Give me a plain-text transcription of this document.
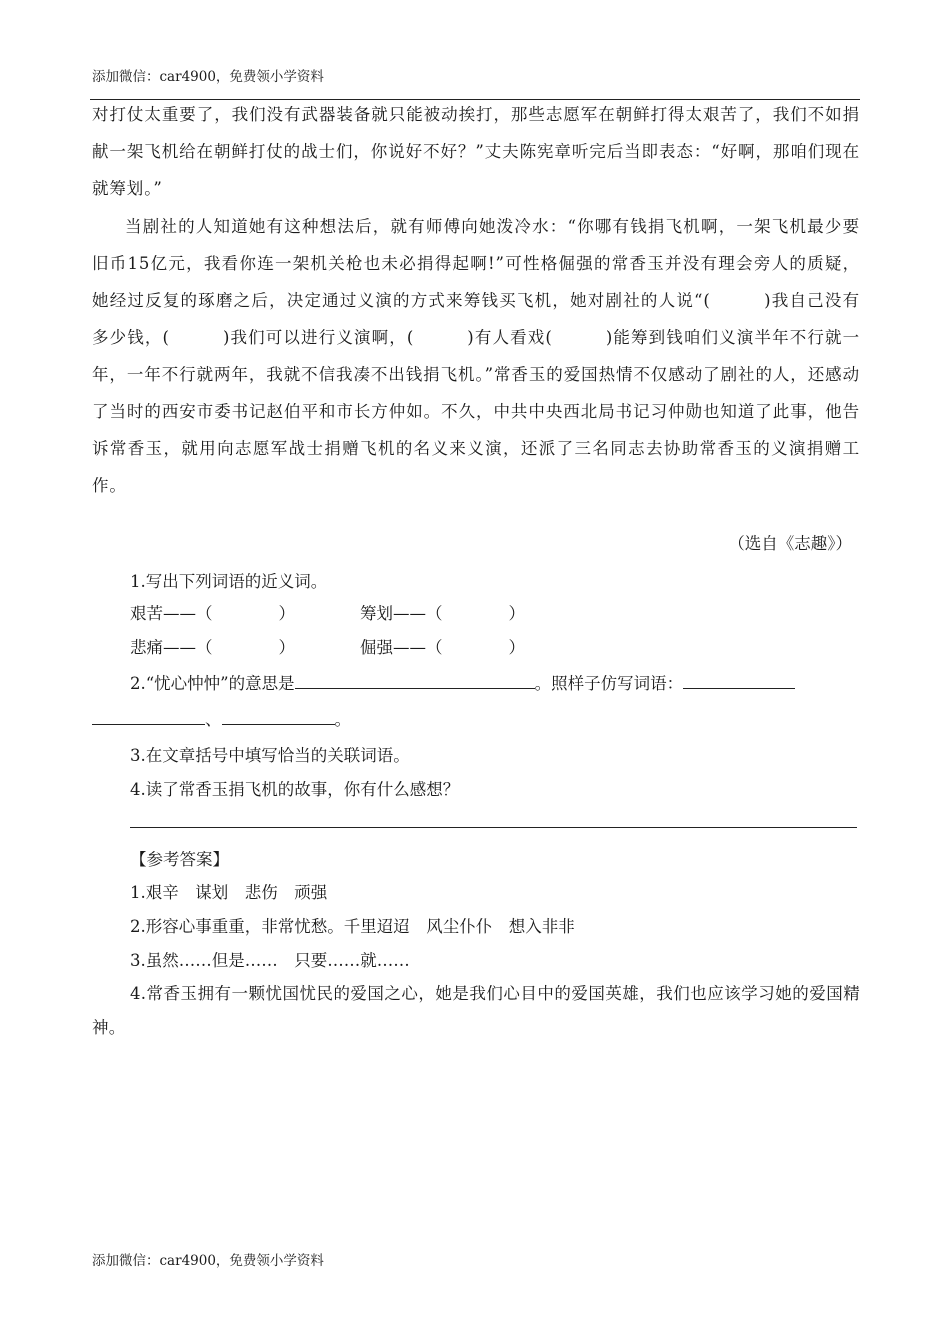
添加微信：car4900，免费领小学资料
对打仗太重要了，我们没有武器装备就只能被动挨打，那些志愿军在朝鲜打得太艰苦了，我们不如捐献一架飞机给在朝鲜打仗的战士们，你说好不好？”丈夫陈宪章听完后当即表态：“好啊，那咱们现在就筹划。”
当剧社的人知道她有这种想法后，就有师傅向她泼冷水：“你哪有钱捐飞机啊，一架飞机最少要旧币15亿元，我看你连一架机关枪也未必捐得起啊!”可性格倔强的常香玉并没有理会旁人的质疑，她经过反复的琢磨之后，决定通过义演的方式来筹钱买飞机，她对剧社的人说“(　　　)我自己没有多少钱，(　　　)我们可以进行义演啊，(　　　)有人看戏(　　　)能筹到钱咱们义演半年不行就一年，一年不行就两年，我就不信我凑不出钱捐飞机。”常香玉的爱国热情不仅感动了剧社的人，还感动了当时的西安市委书记赵伯平和市长方仲如。不久，中共中央西北局书记习仲勋也知道了此事，他告诉常香玉，就用向志愿军战士捐赠飞机的名义来义演，还派了三名同志去协助常香玉的义演捐赠工作。
（选自《志趣》）
1.写出下列词语的近义词。
艰苦——（　　　　）	筹划——（　　　　）
悲痛——（　　　　）	倔强——（　　　　）
2.“忧心忡忡”的意思是	。照样子仿写词语：
、	。
3.在文章括号中填写恰当的关联词语。
4.读了常香玉捐飞机的故事，你有什么感想？
【参考答案】
1.艰辛　谋划　悲伤　顽强
2.形容心事重重，非常忧愁。千里迢迢　风尘仆仆　想入非非
3.虽然……但是……　只要……就……
4.常香玉拥有一颗忧国忧民的爱国之心，她是我们心目中的爱国英雄，我们也应该学习她的爱国精神。
添加微信：car4900，免费领小学资料
